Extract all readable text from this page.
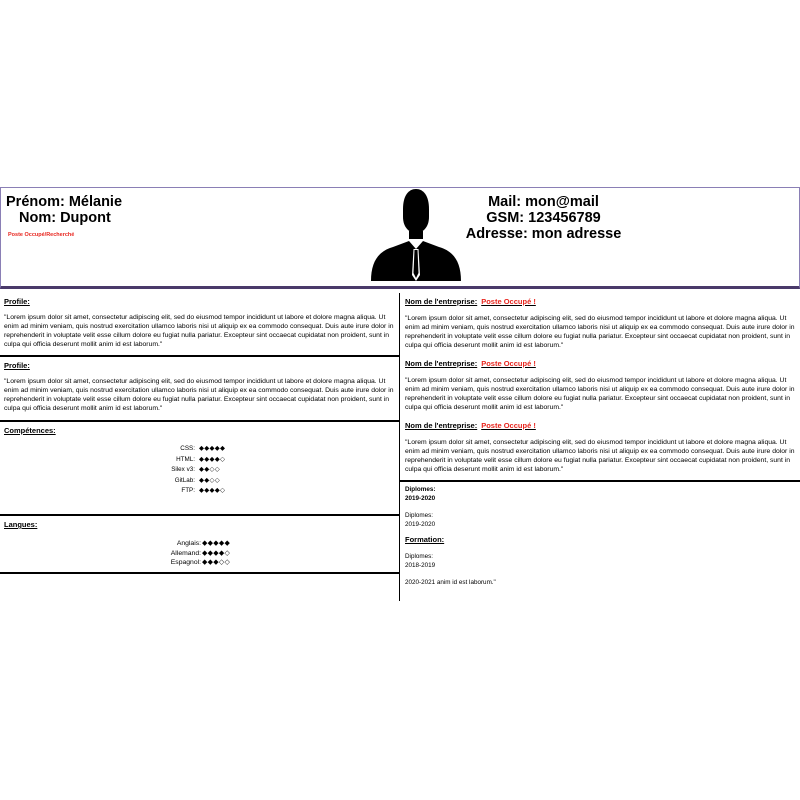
Prénom: Mélanie
Nom: Dupont
Poste Occupé/Recherché
Mail: mon@mail
GSM: 123456789
Adresse: mon adresse
Profile:
"Lorem ipsum dolor sit amet, consectetur adipiscing elit, sed do eiusmod tempor incididunt ut labore et dolore magna aliqua. Ut enim ad minim veniam, quis nostrud exercitation ullamco laboris nisi ut aliquip ex ea commodo consequat. Duis aute irure dolor in reprehenderit in voluptate velit esse cillum dolore eu fugiat nulla pariatur. Excepteur sint occaecat cupidatat non proident, sunt in culpa qui officia deserunt mollit anim id est laborum."
Profile:
"Lorem ipsum dolor sit amet, consectetur adipiscing elit, sed do eiusmod tempor incididunt ut labore et dolore magna aliqua. Ut enim ad minim veniam, quis nostrud exercitation ullamco laboris nisi ut aliquip ex ea commodo consequat. Duis aute irure dolor in reprehenderit in voluptate velit esse cillum dolore eu fugiat nulla pariatur. Excepteur sint occaecat cupidatat non proident, sunt in culpa qui officia deserunt mollit anim id est laborum."
Compétences:
CSS: ◆◆◆◆◆
HTML: ◆◆◆◆◇
Silex v3: ◆◆◇◇
GitLab: ◆◆◇◇
FTP: ◆◆◆◆◇
Langues:
Anglais: ◆◆◆◆◆
Allemand: ◆◆◆◆◇
Espagnol: ◆◆◆◇◇
Nom de l'entreprise: Poste Occupé !
"Lorem ipsum dolor sit amet, consectetur adipiscing elit, sed do eiusmod tempor incididunt ut labore et dolore magna aliqua. Ut enim ad minim veniam, quis nostrud exercitation ullamco laboris nisi ut aliquip ex ea commodo consequat. Duis aute irure dolor in reprehenderit in voluptate velit esse cillum dolore eu fugiat nulla pariatur. Excepteur sint occaecat cupidatat non proident, sunt in culpa qui officia deserunt mollit anim id est laborum."
Nom de l'entreprise: Poste Occupé !
"Lorem ipsum dolor sit amet, consectetur adipiscing elit, sed do eiusmod tempor incididunt ut labore et dolore magna aliqua. Ut enim ad minim veniam, quis nostrud exercitation ullamco laboris nisi ut aliquip ex ea commodo consequat. Duis aute irure dolor in reprehenderit in voluptate velit esse cillum dolore eu fugiat nulla pariatur. Excepteur sint occaecat cupidatat non proident, sunt in culpa qui officia deserunt mollit anim id est laborum."
Nom de l'entreprise: Poste Occupé !
"Lorem ipsum dolor sit amet, consectetur adipiscing elit, sed do eiusmod tempor incididunt ut labore et dolore magna aliqua. Ut enim ad minim veniam, quis nostrud exercitation ullamco laboris nisi ut aliquip ex ea commodo consequat. Duis aute irure dolor in reprehenderit in voluptate velit esse cillum dolore eu fugiat nulla pariatur. Excepteur sint occaecat cupidatat non proident, sunt in culpa qui officia deserunt mollit anim id est laborum."
Diplomes:
2019-2020
Diplomes:
2019-2020
Formation:
Diplomes:
2018-2019
2020-2021 anim id est laborum."
